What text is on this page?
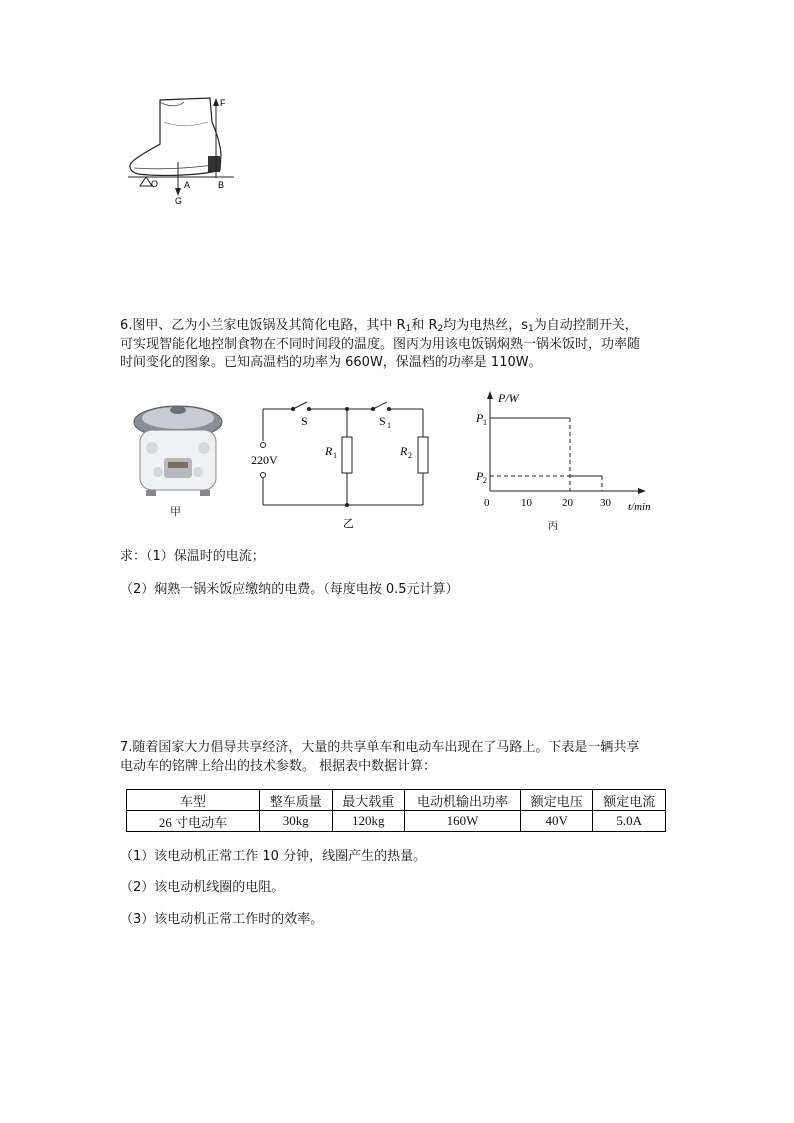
F
O	A	B
G
6.图甲、乙为小兰家电饭锅及其简化电路，其中 $R_1$和 $R_2$均为电热丝，$s_1$为自动控制开关，
可实现智能化地控制食物在不同时间段的温度。图丙为用该电饭锅焖熟一锅米饭时，功率随
时间变化的图象。已知高温档的功率为 660W，保温档的功率是 110W。
甲
S	S 1
220V
R 1	R 2
乙
P/W
P 1
P 2
0	10	20 30 t/min
丙
求：（1）保温时的电流；
（2）焖熟一锅米饭应缴纳的电费。（每度电按 0.5元计算）
7.随着国家大力倡导共享经济，大量的共享单车和电动车出现在了马路上。下表是一辆共享
电动车的铭牌上给出的技术参数。 根据表中数据计算：
车型	整车质量	最大载重	电动机输出功率	额定电压	额定电流
26 寸电动车	30kg	120kg	160W	40V	5.0A
（1）该电动机正常工作 10 分钟，线圈产生的热量。
（2）该电动机线圈的电阻。
（3）该电动机正常工作时的效率。
